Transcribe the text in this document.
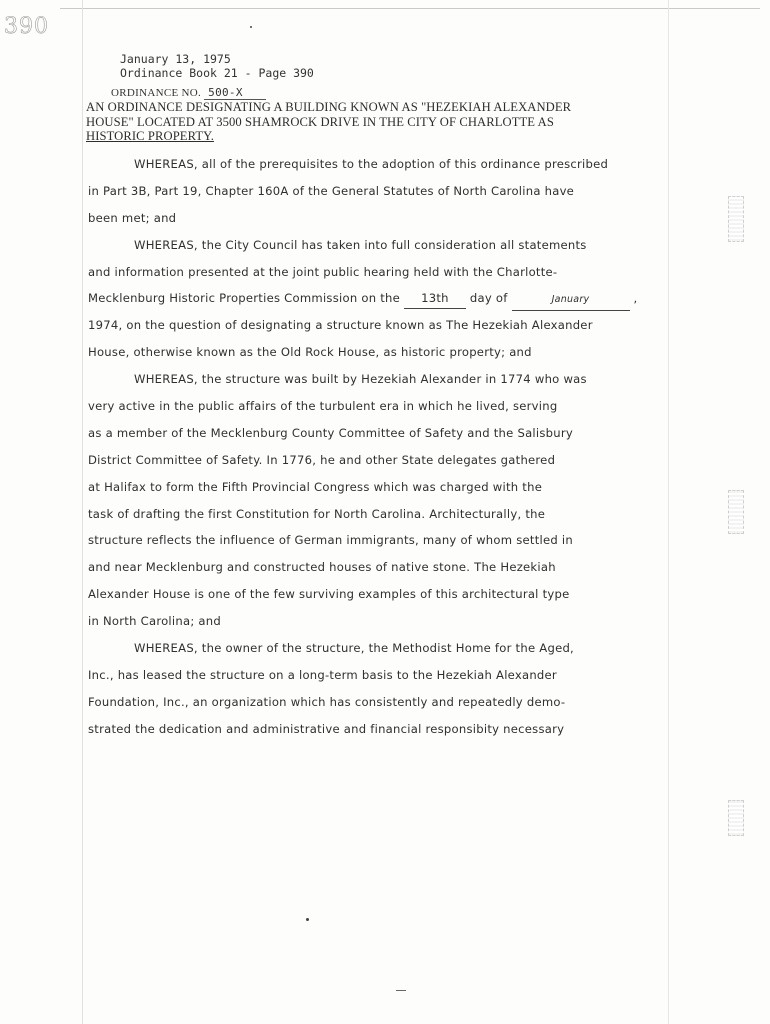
390
January 13, 1975
Ordinance Book 21 - Page 390
ORDINANCE NO. 500-X
AN ORDINANCE DESIGNATING A BUILDING KNOWN AS "HEZEKIAH ALEXANDER
HOUSE" LOCATED AT 3500 SHAMROCK DRIVE IN THE CITY OF CHARLOTTE AS
HISTORIC PROPERTY.
WHEREAS, all of the prerequisites to the adoption of this ordinance prescribed
in Part 3B, Part 19, Chapter 160A of the General Statutes of North Carolina have
been met; and
WHEREAS, the City Council has taken into full consideration all statements
and information presented at the joint public hearing held with the Charlotte-
Mecklenburg Historic Properties Commission on the 13th day of	January	,
1974, on the question of designating a structure known as The Hezekiah Alexander
House, otherwise known as the Old Rock House, as historic property; and
WHEREAS, the structure was built by Hezekiah Alexander in 1774 who was
very active in the public affairs of the turbulent era in which he lived, serving
as a member of the Mecklenburg County Committee of Safety and the Salisbury
District Committee of Safety. In 1776, he and other State delegates gathered
at Halifax to form the Fifth Provincial Congress which was charged with the
task of drafting the first Constitution for North Carolina. Architecturally, the
structure reflects the influence of German immigrants, many of whom settled in
and near Mecklenburg and constructed houses of native stone. The Hezekiah
Alexander House is one of the few surviving examples of this architectural type
in North Carolina; and
WHEREAS, the owner of the structure, the Methodist Home for the Aged,
Inc., has leased the structure on a long-term basis to the Hezekiah Alexander
Foundation, Inc., an organization which has consistently and repeatedly demo-
strated the dedication and administrative and financial responsibity necessary
